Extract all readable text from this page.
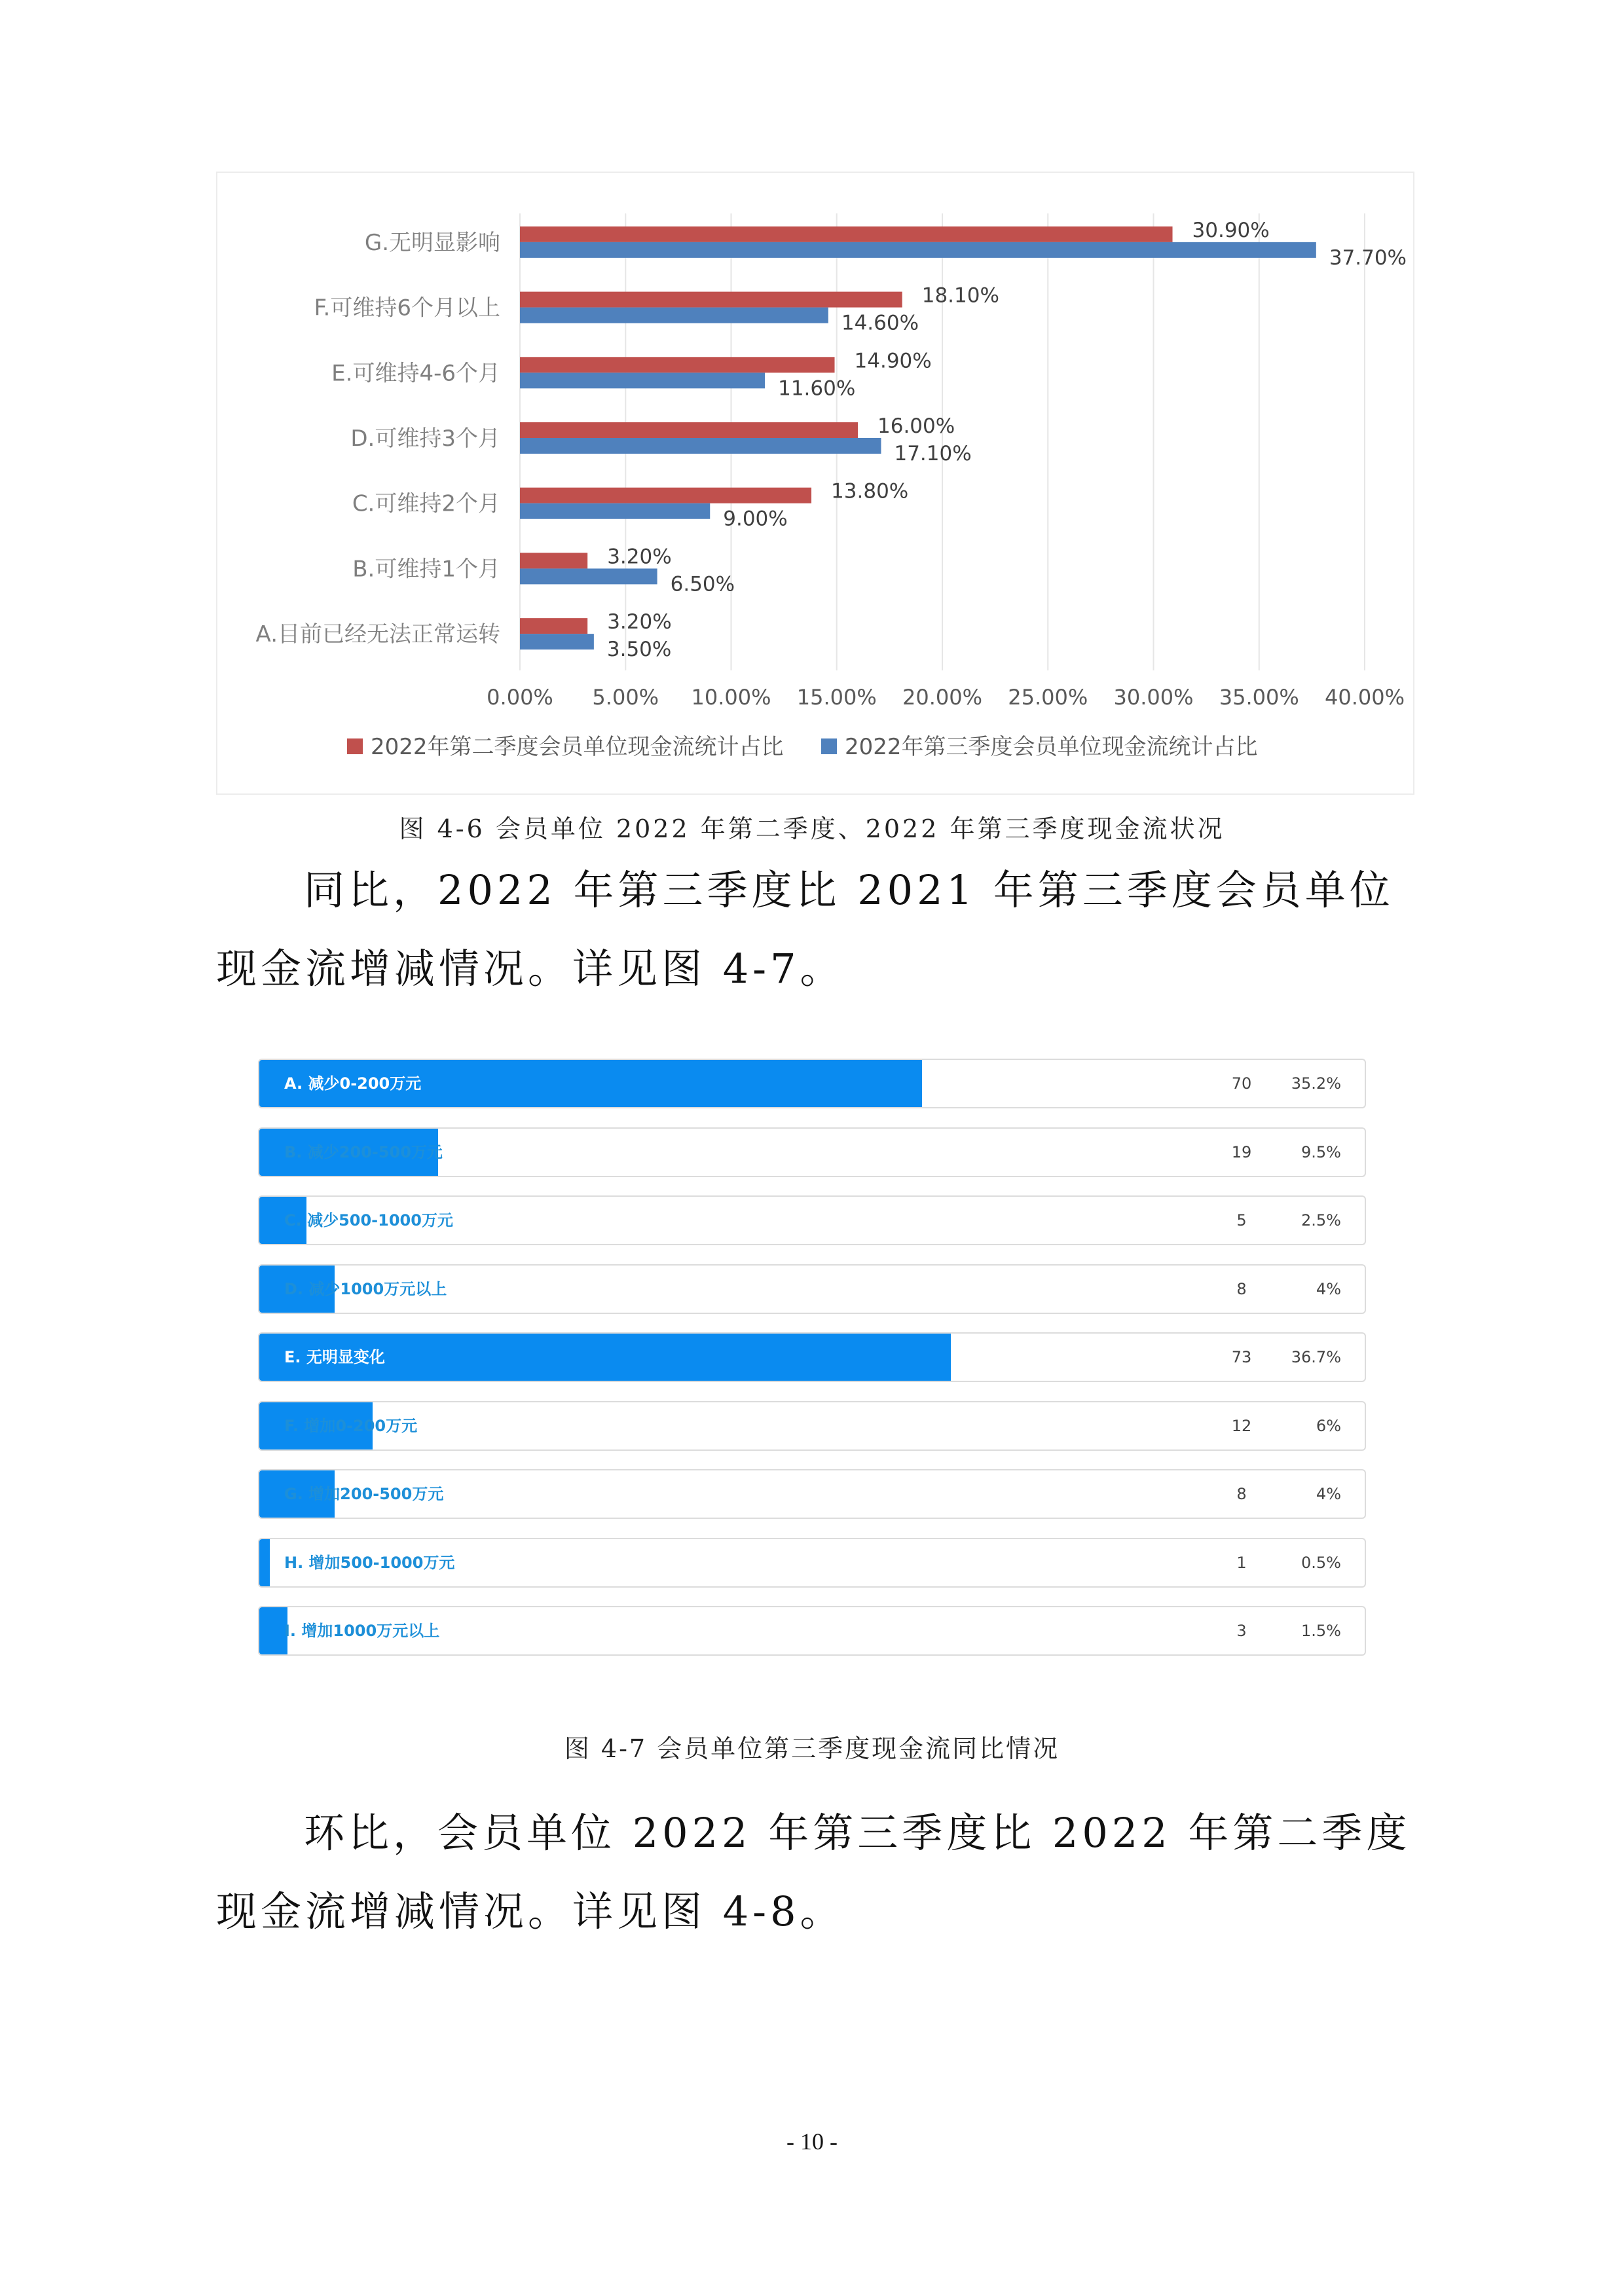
0.00% 5.00% 10.00% 15.00% 20.00% 25.00% 30.00% 35.00% 40.00%
G.无明显影响	30.90%
37.70%
F.可维持6个月以上	18.10%
14.60%
E.可维持4-6个月	14.90%
11.60%
D.可维持3个月	16.00%
17.10%
C.可维持2个月	13.80%
9.00%
B.可维持1个月	3.20%
6.50%
A.目前已经无法正常运转	3.20%
3.50%
2022年第二季度会员单位现金流统计占比	2022年第三季度会员单位现金流统计占比
图 4-6 会员单位 2022 年第二季度、2022 年第三季度现金流状况

同比，2022 年第三季度比 2021 年第三季度会员单位现金流增减情况。详见图 4-7。

A. 减少0-200万元	70	35.2%
B. 减少200-500万元	19	9.5%
C. 减少500-1000万元	5	2.5%
D. 减少1000万元以上	8	4%
E. 无明显变化	73	36.7%
F. 增加0-200万元	12	6%
G. 增加200-500万元	8	4%
H. 增加500-1000万元	1	0.5%
I. 增加1000万元以上	3	1.5%
图 4-7 会员单位第三季度现金流同比情况

环比，会员单位 2022 年第三季度比 2022 年第二季度现金流增减情况。详见图 4-8。

- 10 -
